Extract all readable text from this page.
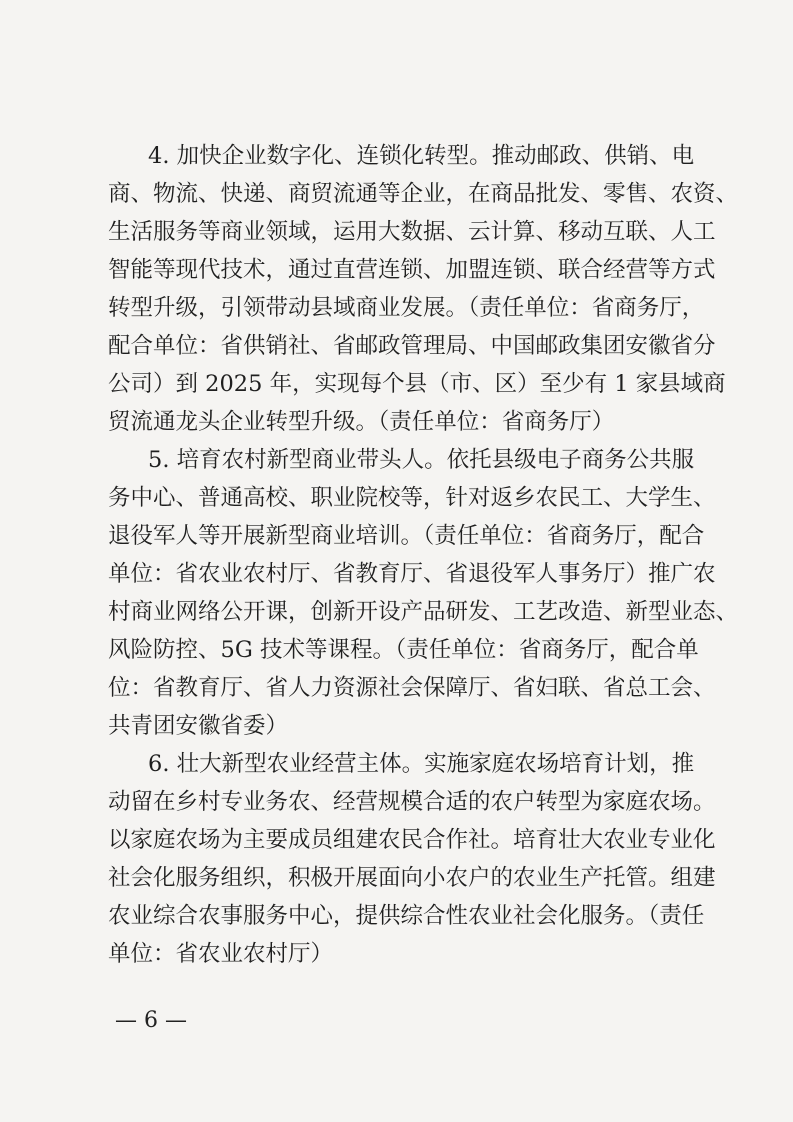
4. 加快企业数字化、连锁化转型。推动邮政、供销、电
商、物流、快递、商贸流通等企业，在商品批发、零售、农资、
生活服务等商业领域，运用大数据、云计算、移动互联、人工
智能等现代技术，通过直营连锁、加盟连锁、联合经营等方式
转型升级，引领带动县域商业发展。（责任单位：省商务厅，
配合单位：省供销社、省邮政管理局、中国邮政集团安徽省分
公司）到 2025 年，实现每个县（市、区）至少有 1 家县域商
贸流通龙头企业转型升级。（责任单位：省商务厅）
5. 培育农村新型商业带头人。依托县级电子商务公共服
务中心、普通高校、职业院校等，针对返乡农民工、大学生、
退役军人等开展新型商业培训。（责任单位：省商务厅，配合
单位：省农业农村厅、省教育厅、省退役军人事务厅）推广农
村商业网络公开课，创新开设产品研发、工艺改造、新型业态、
风险防控、5G 技术等课程。（责任单位：省商务厅，配合单
位：省教育厅、省人力资源社会保障厅、省妇联、省总工会、
共青团安徽省委）
6. 壮大新型农业经营主体。实施家庭农场培育计划，推
动留在乡村专业务农、经营规模合适的农户转型为家庭农场。
以家庭农场为主要成员组建农民合作社。培育壮大农业专业化
社会化服务组织，积极开展面向小农户的农业生产托管。组建
农业综合农事服务中心，提供综合性农业社会化服务。（责任
单位：省农业农村厅）
— 6 —
